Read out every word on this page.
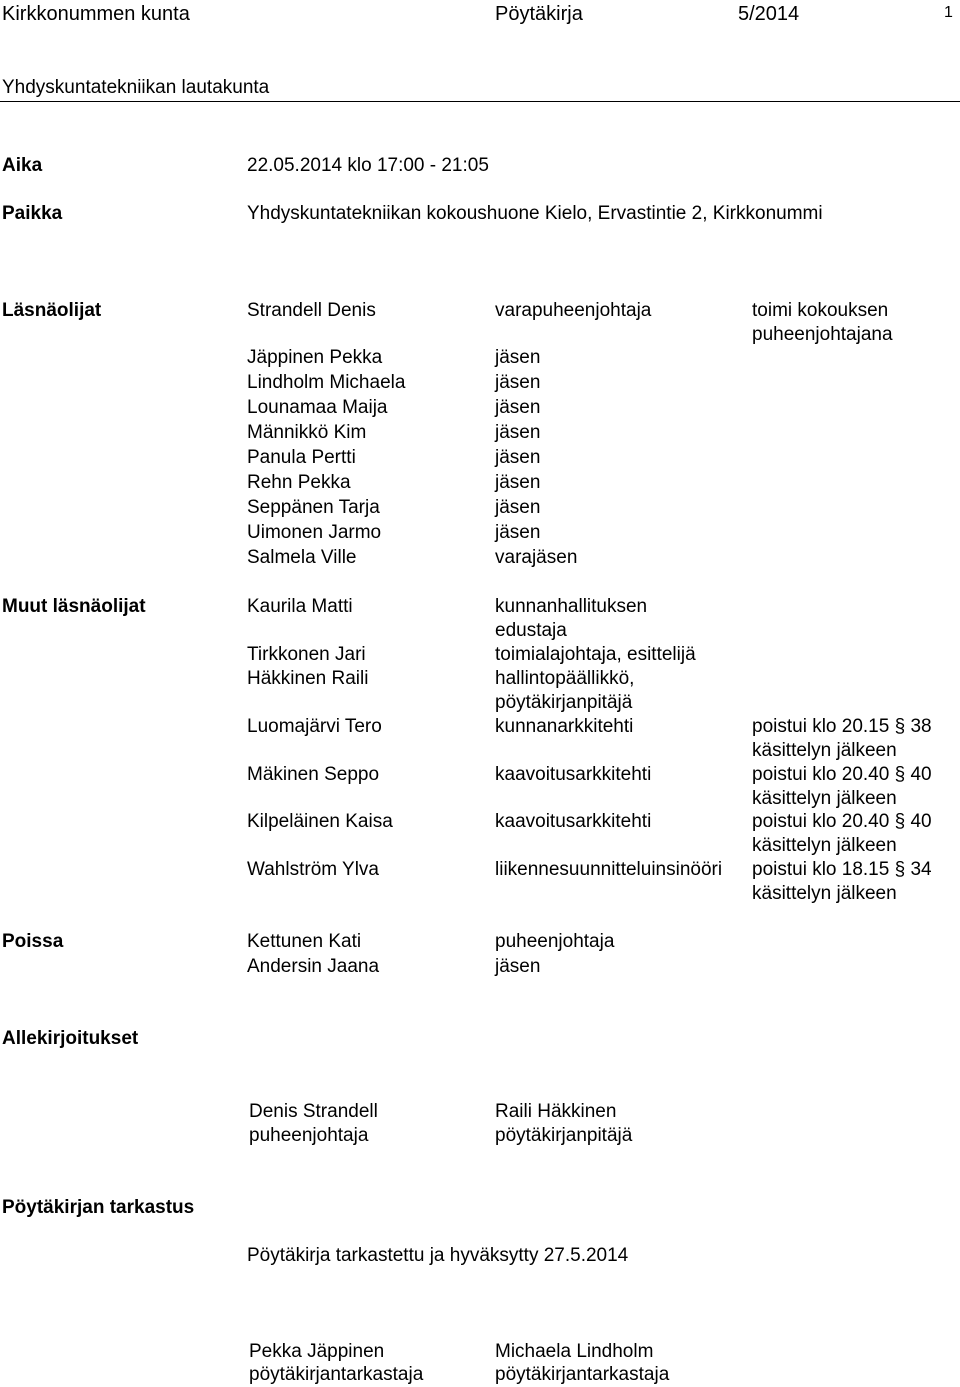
Kirkkonummen kunta	Pöytäkirja	5/2014	1
Yhdyskuntatekniikan lautakunta
Aika	22.05.2014 klo 17:00 - 21:05
Paikka	Yhdyskuntatekniikan kokoushuone Kielo, Ervastintie 2, Kirkkonummi
Läsnäolijat	Strandell Denis	varapuheenjohtaja	toimi kokouksen
puheenjohtajana
Jäppinen Pekka	jäsen
Lindholm Michaela	jäsen
Lounamaa Maija	jäsen
Männikkö Kim	jäsen
Panula Pertti	jäsen
Rehn Pekka	jäsen
Seppänen Tarja	jäsen
Uimonen Jarmo	jäsen
Salmela Ville	varajäsen
Muut läsnäolijat	Kaurila Matti	kunnanhallituksen
edustaja
Tirkkonen Jari	toimialajohtaja, esittelijä
Häkkinen Raili	hallintopäällikkö,
pöytäkirjanpitäjä
Luomajärvi Tero	kunnanarkkitehti	poistui klo 20.15 § 38
käsittelyn jälkeen
Mäkinen Seppo	kaavoitusarkkitehti	poistui klo 20.40 § 40
käsittelyn jälkeen
Kilpeläinen Kaisa	kaavoitusarkkitehti	poistui klo 20.40 § 40
käsittelyn jälkeen
Wahlström Ylva	liikennesuunnitteluinsinööri poistui klo 18.15 § 34
käsittelyn jälkeen
Poissa	Kettunen Kati	puheenjohtaja
Andersin Jaana	jäsen
Allekirjoitukset
Denis Strandell
puheenjohtaja
Raili Häkkinen
pöytäkirjanpitäjä
Pöytäkirjan tarkastus
Pöytäkirja tarkastettu ja hyväksytty 27.5.2014
Pekka Jäppinen
pöytäkirjantarkastaja
Michaela Lindholm
pöytäkirjantarkastaja
